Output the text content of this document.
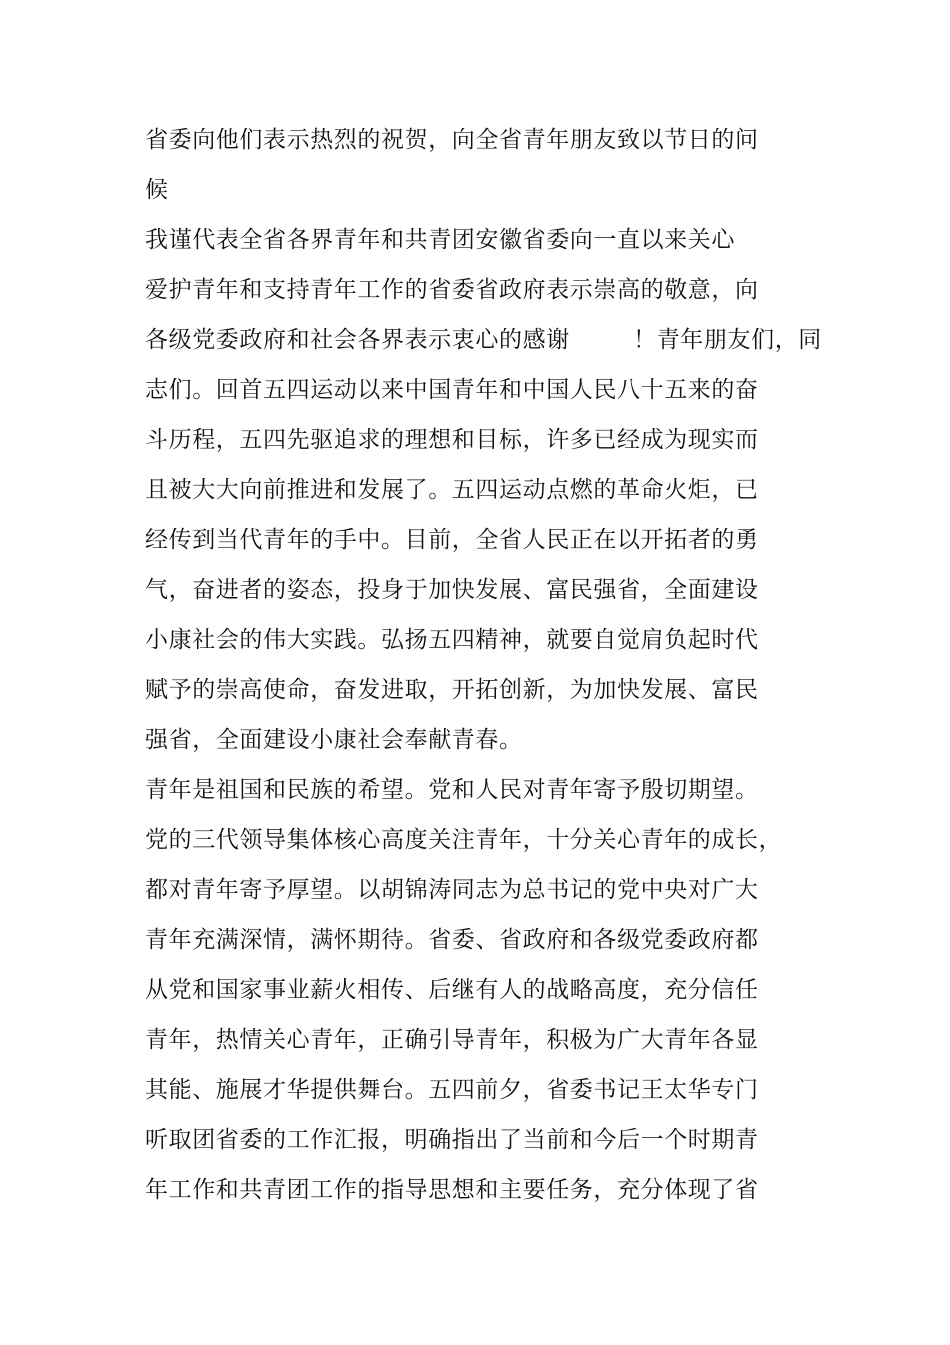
省委向他们表示热烈的祝贺，向全省青年朋友致以节日的问
候
我谨代表全省各界青年和共青团安徽省委向一直以来关心
爱护青年和支持青年工作的省委省政府表示崇高的敬意，向
各级党委政府和社会各界表示衷心的感谢        ！青年朋友们，同
志们。回首五四运动以来中国青年和中国人民八十五来的奋
斗历程，五四先驱追求的理想和目标，许多已经成为现实而
且被大大向前推进和发展了。五四运动点燃的革命火炬，已
经传到当代青年的手中。目前，全省人民正在以开拓者的勇
气，奋进者的姿态，投身于加快发展、富民强省，全面建设
小康社会的伟大实践。弘扬五四精神，就要自觉肩负起时代
赋予的崇高使命，奋发进取，开拓创新，为加快发展、富民
强省，全面建设小康社会奉献青春。
青年是祖国和民族的希望。党和人民对青年寄予殷切期望。
党的三代领导集体核心高度关注青年，十分关心青年的成长，
都对青年寄予厚望。以胡锦涛同志为总书记的党中央对广大
青年充满深情，满怀期待。省委、省政府和各级党委政府都
从党和国家事业薪火相传、后继有人的战略高度，充分信任
青年，热情关心青年，正确引导青年，积极为广大青年各显
其能、施展才华提供舞台。五四前夕，省委书记王太华专门
听取团省委的工作汇报，明确指出了当前和今后一个时期青
年工作和共青团工作的指导思想和主要任务，充分体现了省
